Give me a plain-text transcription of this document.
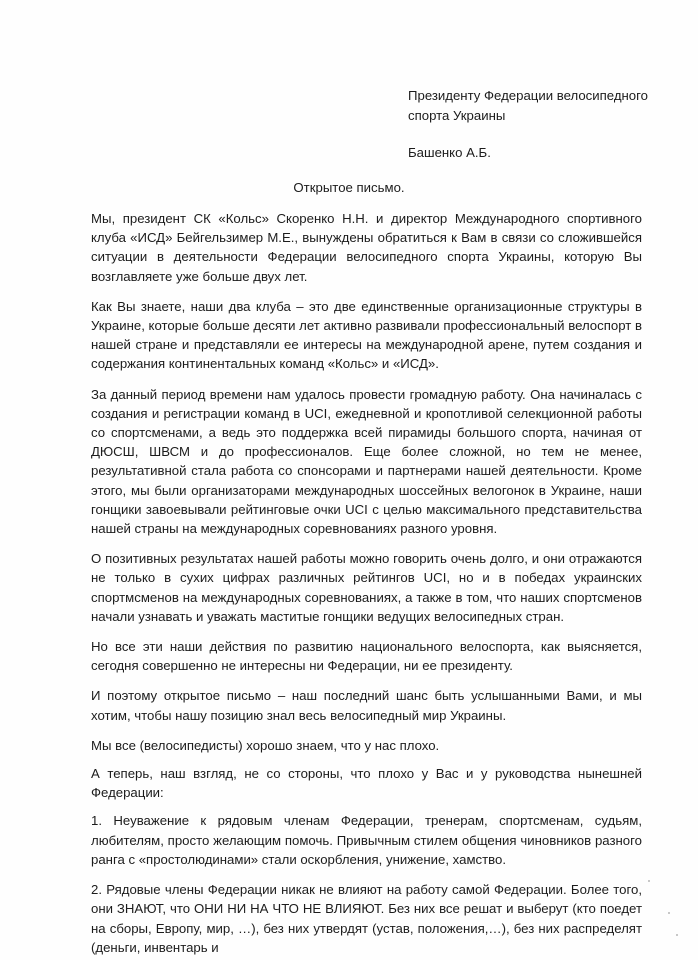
Президенту Федерации велосипедного спорта Украины
Башенко А.Б.
Открытое письмо.

Мы, президент СК «Кольс» Скоренко Н.Н. и директор Международного спортивного клуба «ИСД» Бейгельзимер М.Е., вынуждены обратиться к Вам в связи со сложившейся ситуации в деятельности Федерации велосипедного спорта Украины, которую Вы возглавляете уже больше двух лет.

Как Вы знаете, наши два клуба – это две единственные организационные структуры в Украине, которые больше десяти лет активно развивали профессиональный велоспорт в нашей стране и представляли ее интересы на международной арене, путем создания и содержания континентальных команд «Кольс» и «ИСД».

За данный период времени нам удалось провести громадную работу. Она начиналась с создания и регистрации команд в UCI, ежедневной и кропотливой селекционной работы со спортсменами, а ведь это поддержка всей пирамиды большого спорта, начиная от ДЮСШ, ШВСМ и до профессионалов. Еще более сложной, но тем не менее, результативной стала работа со спонсорами и партнерами нашей деятельности. Кроме этого, мы были организаторами международных шоссейных велогонок в Украине, наши гонщики завоевывали рейтинговые очки UCI с целью максимального представительства нашей страны на международных соревнованиях разного уровня.

О позитивных результатах нашей работы можно говорить очень долго, и они отражаются не только в сухих цифрах различных рейтингов UCI, но и в победах украинских спортмсменов на международных соревнованиях, а также в том, что наших спортсменов начали узнавать и уважать маститые гонщики ведущих велосипедных стран.

Но все эти наши действия по развитию национального велоспорта, как выясняется, сегодня совершенно не интересны ни Федерации, ни ее президенту.

И поэтому открытое письмо – наш последний шанс быть услышанными Вами, и мы хотим, чтобы нашу позицию знал весь велосипедный мир Украины.

Мы все (велосипедисты) хорошо знаем, что у нас плохо.

А теперь, наш взгляд, не со стороны, что плохо у Вас и у руководства нынешней Федерации:

1. Неуважение к рядовым членам Федерации, тренерам, спортсменам, судьям, любителям, просто желающим помочь. Привычным стилем общения чиновников разного ранга с «простолюдинами» стали оскорбления, унижение, хамство.

2. Рядовые члены Федерации никак не влияют на работу самой Федерации. Более того, они ЗНАЮТ, что ОНИ НИ НА ЧТО НЕ ВЛИЯЮТ. Без них все решат и выберут (кто поедет на сборы, Европу, мир, …), без них утвердят (устав, положения,…), без них распределят (деньги, инвентарь и
